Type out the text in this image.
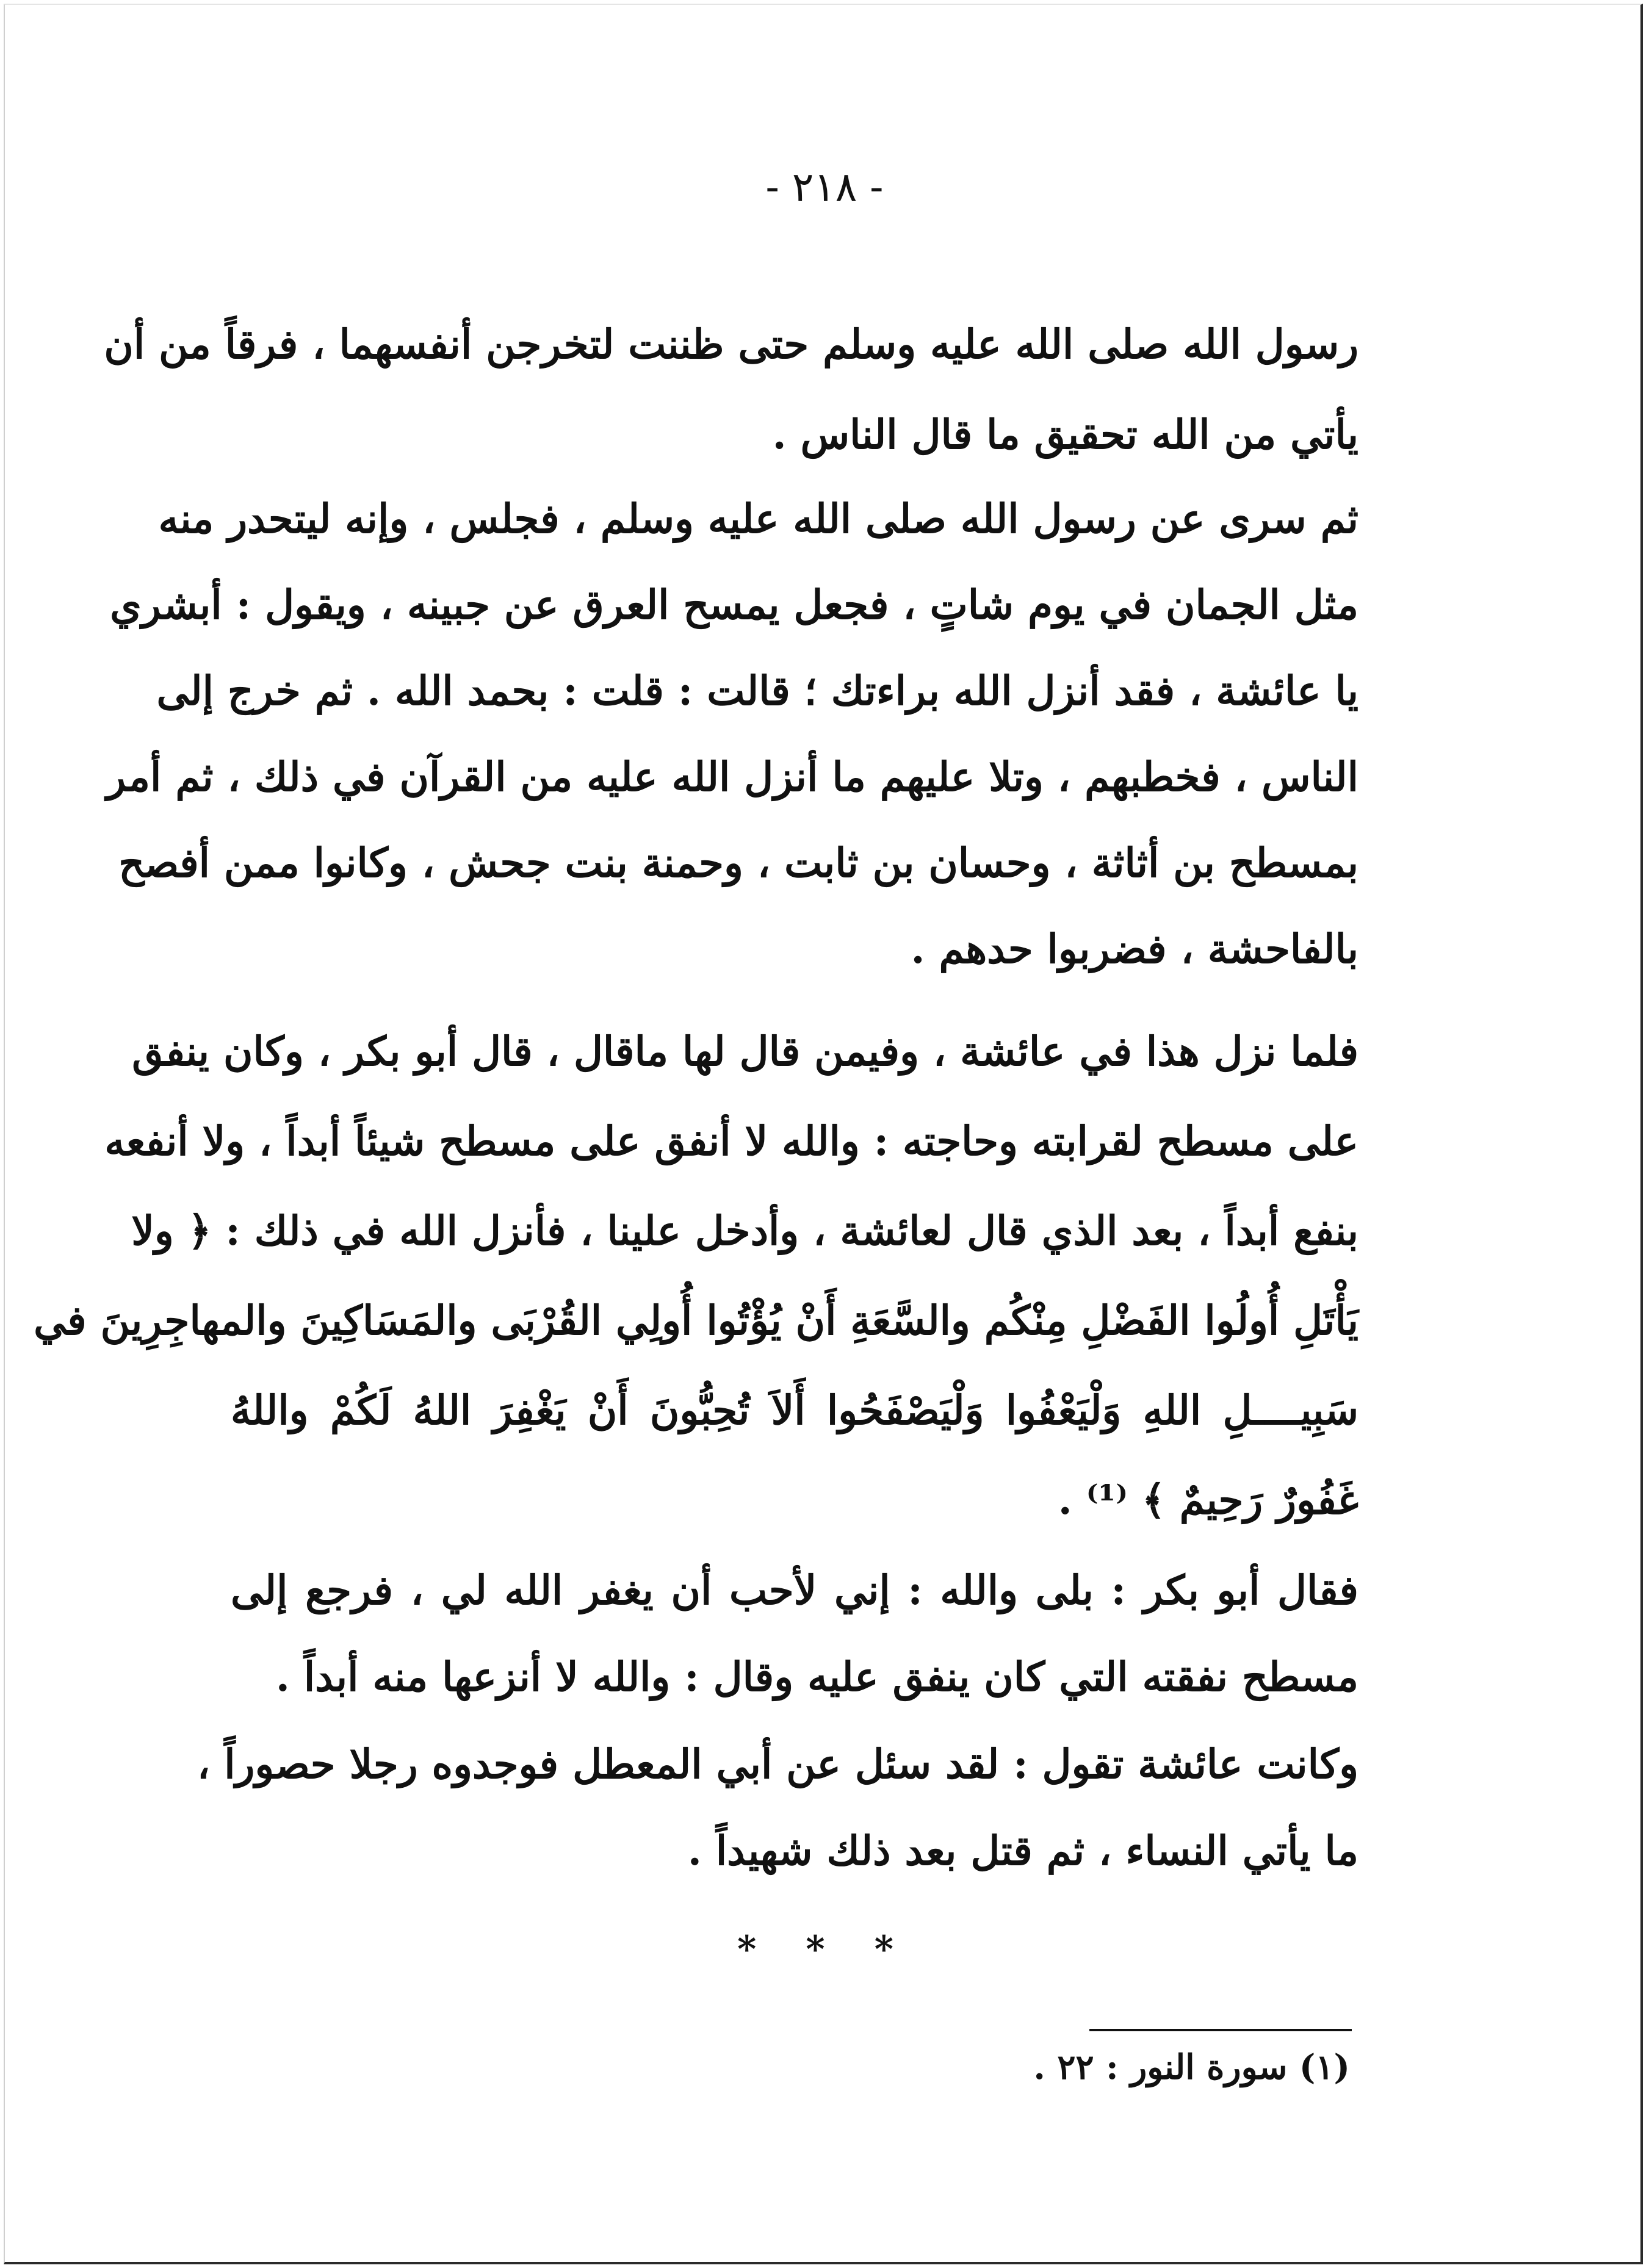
- ٢١٨ -
رسول الله صلى الله عليه وسلم حتى ظننت لتخرجن أنفسهما ، فرقاً من أن
يأتي من الله تحقيق ما قال الناس .
ثم سرى عن رسول الله صلى الله عليه وسلم ، فجلس ، وإنه ليتحدر منه
مثل الجمان في يوم شاتٍ ، فجعل يمسح العرق عن جبينه ، ويقول : أبشري
يا عائشة ، فقد أنزل الله براءتك ؛ قالت : قلت : بحمد الله . ثم خرج إلى
الناس ، فخطبهم ، وتلا عليهم ما أنزل الله عليه من القرآن في ذلك ، ثم أمر
بمسطح بن أثاثة ، وحسان بن ثابت ، وحمنة بنت جحش ، وكانوا ممن أفصح
بالفاحشة ، فضربوا حدهم .
فلما نزل هذا في عائشة ، وفيمن قال لها ماقال ، قال أبو بكر ، وكان ينفق
على مسطح لقرابته وحاجته : والله لا أنفق على مسطح شيئاً أبداً ، ولا أنفعه
بنفع أبداً ، بعد الذي قال لعائشة ، وأدخل علينا ، فأنزل الله في ذلك : ﴿ ولا
يَأْتَلِ أُولُوا الفَضْلِ مِنْكُم والسَّعَةِ أَنْ يُؤْتُوا أُولِي القُرْبَى والمَسَاكِينَ والمهاجِرِينَ في
سَبِيــــلِ اللهِ وَلْيَعْفُوا وَلْيَصْفَحُوا أَلاَ تُحِبُّونَ أَنْ يَغْفِرَ اللهُ لَكُمْ واللهُ
غَفُورٌ رَحِيمٌ ﴾ ⁽¹⁾ .
فقال أبو بكر : بلى والله : إني لأحب أن يغفر الله لي ، فرجع إلى
مسطح نفقته التي كان ينفق عليه وقال : والله لا أنزعها منه أبداً .
وكانت عائشة تقول : لقد سئل عن أبي المعطل فوجدوه رجلا حصوراً ،
ما يأتي النساء ، ثم قتل بعد ذلك شهيداً .
* * *
(١) سورة النور : ٢٢ .
